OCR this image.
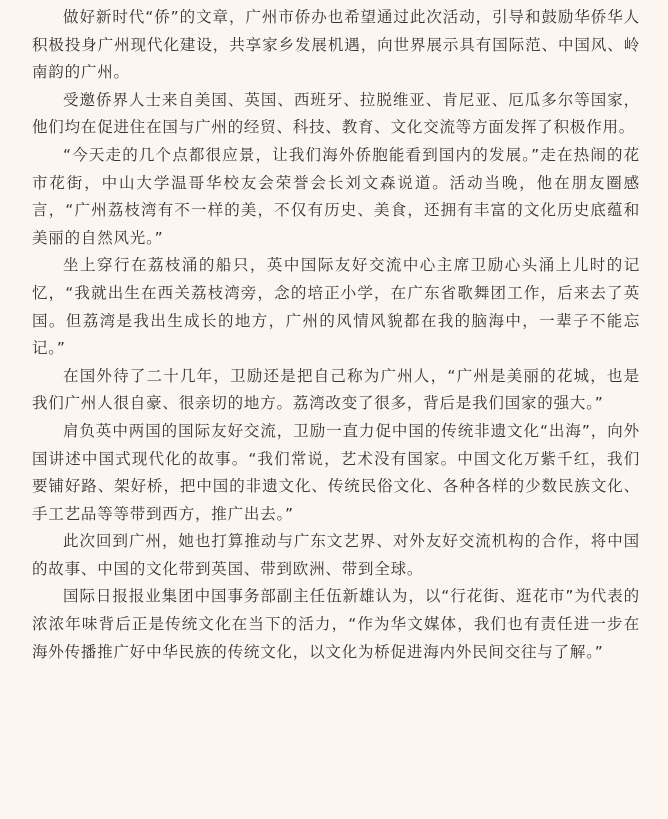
做好新时代“侨”的文章，广州市侨办也希望通过此次活动，引导和鼓励华侨华人积极投身广州现代化建设，共享家乡发展机遇，向世界展示具有国际范、中国风、岭南韵的广州。

受邀侨界人士来自美国、英国、西班牙、拉脱维亚、肯尼亚、厄瓜多尔等国家，他们均在促进住在国与广州的经贸、科技、教育、文化交流等方面发挥了积极作用。

“今天走的几个点都很应景，让我们海外侨胞能看到国内的发展。”走在热闹的花市花街，中山大学温哥华校友会荣誉会长刘文森说道。活动当晚，他在朋友圈感言，“广州荔枝湾有不一样的美，不仅有历史、美食，还拥有丰富的文化历史底蕴和美丽的自然风光。”

坐上穿行在荔枝涌的船只，英中国际友好交流中心主席卫励心头涌上儿时的记忆，“我就出生在西关荔枝湾旁，念的培正小学，在广东省歌舞团工作，后来去了英国。但荔湾是我出生成长的地方，广州的风情风貌都在我的脑海中，一辈子不能忘记。”

在国外待了二十几年，卫励还是把自己称为广州人，“广州是美丽的花城，也是我们广州人很自豪、很亲切的地方。荔湾改变了很多，背后是我们国家的强大。”

肩负英中两国的国际友好交流，卫励一直力促中国的传统非遗文化“出海”，向外国讲述中国式现代化的故事。“我们常说，艺术没有国家。中国文化万紫千红，我们要铺好路、架好桥，把中国的非遗文化、传统民俗文化、各种各样的少数民族文化、手工艺品等等带到西方，推广出去。”

此次回到广州，她也打算推动与广东文艺界、对外友好交流机构的合作，将中国的故事、中国的文化带到英国、带到欧洲、带到全球。

国际日报报业集团中国事务部副主任伍新雄认为，以“行花街、逛花市”为代表的浓浓年味背后正是传统文化在当下的活力，“作为华文媒体，我们也有责任进一步在海外传播推广好中华民族的传统文化，以文化为桥促进海内外民间交往与了解。”
